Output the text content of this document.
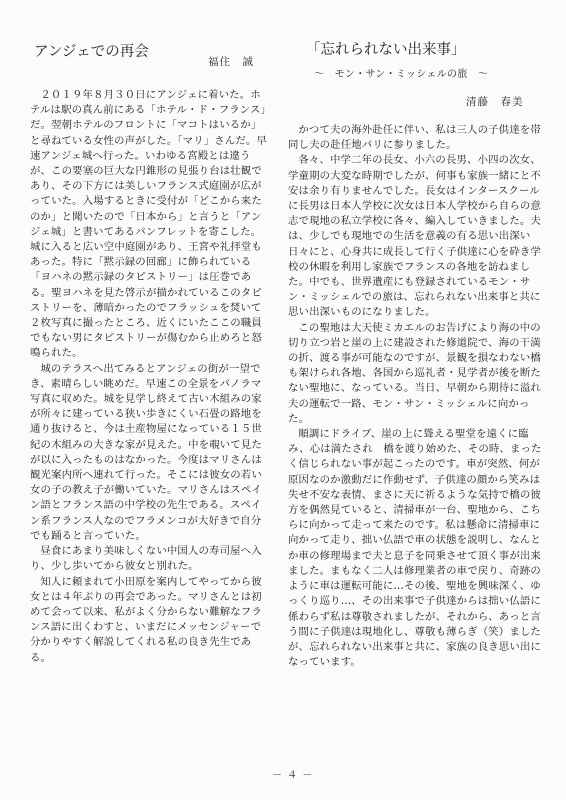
アンジェでの再会
福住　誠

２０１９年８月３０日にアンジェに着いた。ホテルは駅の真ん前にある「ホテル・ド・フランス」だ。翌朝ホテルのフロントに「マコトはいるか」と尋ねている女性の声がした。「マリ」さんだ。早速アンジェ城へ行った。いわゆる宮殿とは違うが、この要塞の巨大な円錐形の見張り台は壮観であり、その下方には美しいフランス式庭園が広がっていた。入場するときに受付が「どこから来たのか」と聞いたので「日本から」と言うと「アンジェ城」と書いてあるパンフレットを寄こした。城に入ると広い空中庭園があり、王宮や礼拝堂もあった。特に「黙示録の回廊」に飾られている「ヨハネの黙示録のタピストリー」は圧巻である。聖ヨハネを見た啓示が描かれているこのタピストリーを、薄暗かったのでフラッシュを焚いて２枚写真に撮ったところ、近くにいたここの職員でもない男にタピストリーが傷むから止めろと怒鳴られた。

城のテラスへ出てみるとアンジェの街が一望でき、素晴らしい眺めだ。早速この全景をパノラマ写真に収めた。城を見学し終えて古い木組みの家が所々に建っている狭い歩きにくい石畳の路地を通り抜けると、今は土産物屋になっている１５世紀の木組みの大きな家が見えた。中を覗いて見たが以に入ったものはなかった。今度はマリさんは観光案内所へ連れて行った。そこには彼女の若い女の子の教え子が働いていた。マリさんはスペイン語とフランス語の中学校の先生である。スペイン系フランス人なのでフラメンコが大好きで自分でも踊ると言っていた。

昼食にあまり美味しくない中国人の寿司屋へ入り、少し歩いてから彼女と別れた。

知人に頼まれて小田原を案内してやってから彼女とは４年ぶりの再会であった。マリさんとは初めて会って以来、私がよく分からない難解なフランス語に出くわすと、いまだにメッセンジャーで分かりやすく解説してくれる私の良き先生である。

「忘れられない出来事」
～　モン・サン・ミッシェルの旅　～
清藤　春美

かつて夫の海外赴任に伴い、私は三人の子供達を帯同し夫の赴任地パリに参りました。

各々、中学二年の長女、小六の長男、小四の次女、学童期の大変な時期でしたが、何事も家族一緒にと不安は余り有りませんでした。長女はインタースクールに長男は日本人学校に次女は日本人学校から自らの意志で現地の私立学校に各々、編入していきました。夫は、少しでも現地での生活を意義の有る思い出深い日々にと、心身共に成長して行く子供達に心を砕き学校の休暇を利用し家族でフランスの各地を訪ねました。中でも、世界遺産にも登録されているモン・サン・ミッシェルでの旅は、忘れられない出来事と共に思い出深いものになりました。

この聖地は大天使ミカエルのお告げにより海の中の切り立つ岩と崖の上に建設された修道院で、海の干満の折、渡る事が可能なのですが、景観を損なわない橋も架けられ各地、各国から巡礼者・見学者が後を断たない聖地に、なっている。当日、早朝から期待に溢れ夫の運転で一路、モン・サン・ミッシェルに向かった。

順調にドライブ、崖の上に聳える聖堂を遠くに臨み、心は満たされ　橋を渡り始めた、その時、まったく信じられない事が起こったのです。車が突然、何が原因なのか激動だに作動せず、子供達の顔から笑みは失せ不安な表情、まさに天に祈るような気持で橋の彼方を偶然見ていると、清掃車が一台、聖地から、こちらに向かって走って来たのです。私は懸命に清掃車に向かって走り、拙い仏語で車の状態を説明し、なんとか車の修理場まで夫と息子を同乗させて頂く事が出来ました。まもなく二人は修理業者の車で戻り、奇跡のように車は運転可能に…その後、聖地を興味深く、ゆっくり巡り…、その出来事で子供達からは拙い仏語に係わらず私は尊敬されましたが、それから、あっと言う間に子供達は現地化し、尊敬も薄らぎ（笑）ましたが、忘れられない出来事と共に、家族の良き思い出になっています。

－ ４ －
